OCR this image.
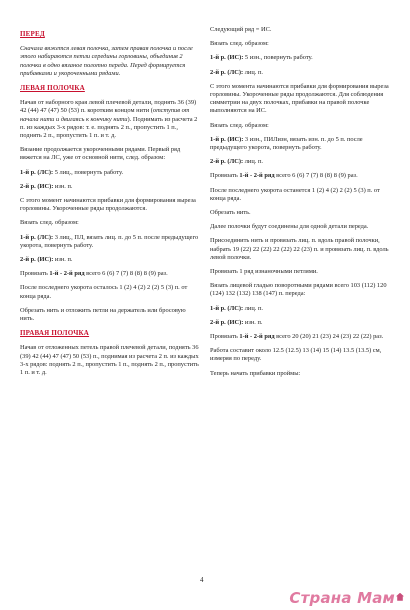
ПЕРЕД

Сначала вяжется левая полочка, затем правая полочка и после этого набираются петли середины горловины, объединив 2 полочки в одно вязаное полотно переда. Перед формируется прибавками и укороченными рядами.

ЛЕВАЯ ПОЛОЧКА

Начав от наборного края левой плечевой детали, поднять 36 (39) 42 (44) 47 (47) 50 (53) п. коротким концом нити (отступив от начала нити и двигаясь к кончику нити). Поднимать из расчета 2 п. из каждых 3-х рядов: т. е. поднять 2 п., пропустить 1 п., поднять 2 п., пропустить 1 п. и т. д.

Вязание продолжается укороченными рядами. Первый ряд вяжется на ЛС, уже от основной нити, след. образом:

1-й р. (ЛС): 5 лиц., повернуть работу.

2-й р. (ИС): изн. п.

С этого момент начинаются прибавки для формирования выреза горловины. Укороченные ряды продолжаются.

Вязать след. образом:

1-й р. (ЛС): 3 лиц., ПЛ, вязать лиц. п. до 5 п. после предыдущего укорота, повернуть работу.

2-й р. (ИС): изн. п.

Провязать 1-й - 2-й ряд всего 6 (6) 7 (7) 8 (8) 8 (9) раз.

После последнего укорота осталось 1 (2) 4 (2) 2 (2) 5 (3) п. от конца ряда.

Обрезать нить и отложить петли на держатель или бросовую нить.

ПРАВАЯ ПОЛОЧКА

Начав от отложенных петель правой плечевой детали, поднять 36 (39) 42 (44) 47 (47) 50 (53) п., поднимая из расчета 2 п. из каждых 3-х рядов: поднять 2 п., пропустить 1 п., поднять 2 п., пропустить 1 п. и т. д.

Следующий ряд = ИС.

Вязать след. образом:

1-й р. (ИС): 5 изн., повернуть работу.

2-й р. (ЛС): лиц. п.

С этого момента начинаются прибавки для формирования выреза горловины. Укороченные ряды продолжаются. Для соблюдения симметрии на двух полочках, прибавки на правой полочке выполняются на ИС.

Вязать след. образом:

1-й р. (ИС): 3 изн., ПИЛизн, вязать изн. п. до 5 п. после предыдущего укорота, повернуть работу.

2-й р. (ЛС): лиц. п.

Провязать 1-й - 2-й ряд всего 6 (6) 7 (7) 8 (8) 8 (9) раз.

После последнего укорота останется 1 (2) 4 (2) 2 (2) 5 (3) п. от конца ряда.

Обрезать нить.

Далее полочки будут соединены для одной детали переда.

Присоединить нить и провязать лиц. п. вдоль правой полочки, набрать 19 (22) 22 (22) 22 (22) 22 (23) п. и провязать лиц. п. вдоль левой полочки.

Провязать 1 ряд изнаночными петлями.

Вязать лицевой гладью поворотными рядами всего 103 (112) 120 (124) 132 (132) 138 (147) п. переда:

1-й р. (ЛС): лиц. п.

2-й р. (ИС): изн. п.

Провязать 1-й - 2-й ряд всего 20 (20) 21 (23) 24 (23) 22 (22) раз.

Работа составит около 12.5 (12.5) 13 (14) 15 (14) 13.5 (13.5) см, измеряя по переду.

Теперь начать прибавки проймы:

4
Страна Мам
